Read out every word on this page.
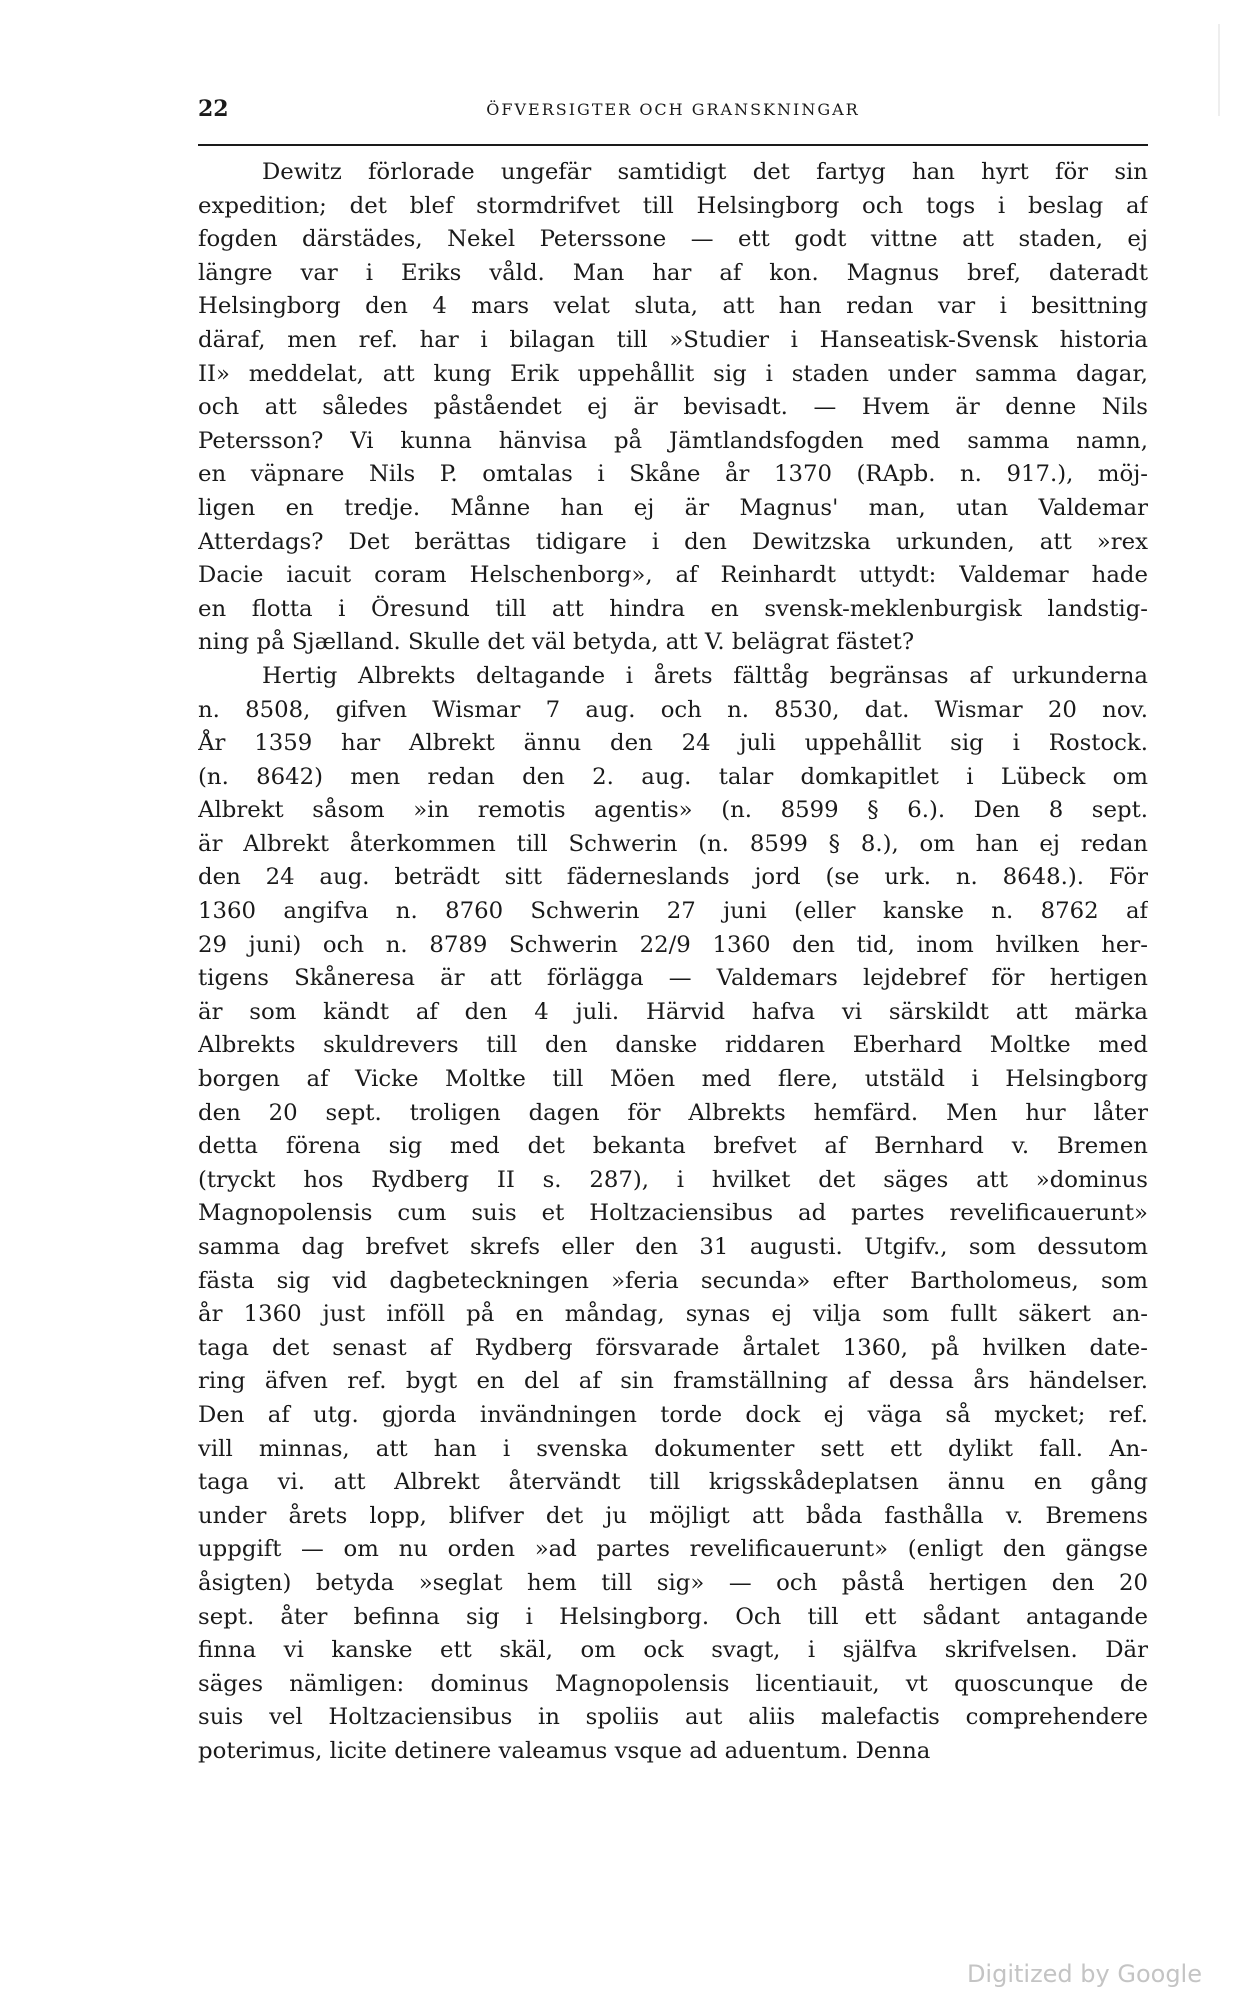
22	ÖFVERSIGTER OCH GRANSKNINGAR
Dewitz förlorade ungefär samtidigt det fartyg han hyrt för sin
expedition; det blef stormdrifvet till Helsingborg och togs i beslag af
fogden därstädes, Nekel Peterssone — ett godt vittne att staden, ej
längre var i Eriks våld. Man har af kon. Magnus bref, dateradt
Helsingborg den 4 mars velat sluta, att han redan var i besittning
däraf, men ref. har i bilagan till »Studier i Hanseatisk-Svensk historia
II» meddelat, att kung Erik uppehållit sig i staden under samma dagar,
och att således påståendet ej är bevisadt. — Hvem är denne Nils
Petersson? Vi kunna hänvisa på Jämtlandsfogden med samma namn,
en väpnare Nils P. omtalas i Skåne år 1370 (RApb. n. 917.), möj-
ligen en tredje. Månne han ej är Magnus' man, utan Valdemar
Atterdags? Det berättas tidigare i den Dewitzska urkunden, att »rex
Dacie iacuit coram Helschenborg», af Reinhardt uttydt: Valdemar hade
en flotta i Öresund till att hindra en svensk-meklenburgisk landstig-
ning på Sjælland. Skulle det väl betyda, att V. belägrat fästet?
Hertig Albrekts deltagande i årets fälttåg begränsas af urkunderna
n. 8508, gifven Wismar 7 aug. och n. 8530, dat. Wismar 20 nov.
År 1359 har Albrekt ännu den 24 juli uppehållit sig i Rostock.
(n. 8642) men redan den 2. aug. talar domkapitlet i Lübeck om
Albrekt såsom »in remotis agentis» (n. 8599 § 6.). Den 8 sept.
är Albrekt återkommen till Schwerin (n. 8599 § 8.), om han ej redan
den 24 aug. beträdt sitt fäderneslands jord (se urk. n. 8648.). För
1360 angifva n. 8760 Schwerin 27 juni (eller kanske n. 8762 af
29 juni) och n. 8789 Schwerin 22/9 1360 den tid, inom hvilken her-
tigens Skåneresa är att förlägga — Valdemars lejdebref för hertigen
är som kändt af den 4 juli. Härvid hafva vi särskildt att märka
Albrekts skuldrevers till den danske riddaren Eberhard Moltke med
borgen af Vicke Moltke till Möen med flere, utstäld i Helsingborg
den 20 sept. troligen dagen för Albrekts hemfärd. Men hur låter
detta förena sig med det bekanta brefvet af Bernhard v. Bremen
(tryckt hos Rydberg II s. 287), i hvilket det säges att »dominus
Magnopolensis cum suis et Holtzaciensibus ad partes revelificauerunt»
samma dag brefvet skrefs eller den 31 augusti. Utgifv., som dessutom
fästa sig vid dagbeteckningen »feria secunda» efter Bartholomeus, som
år 1360 just inföll på en måndag, synas ej vilja som fullt säkert an-
taga det senast af Rydberg försvarade årtalet 1360, på hvilken date-
ring äfven ref. bygt en del af sin framställning af dessa års händelser.
Den af utg. gjorda invändningen torde dock ej väga så mycket; ref.
vill minnas, att han i svenska dokumenter sett ett dylikt fall. An-
taga vi. att Albrekt återvändt till krigsskådeplatsen ännu en gång
under årets lopp, blifver det ju möjligt att båda fasthålla v. Bremens
uppgift — om nu orden »ad partes revelificauerunt» (enligt den gängse
åsigten) betyda »seglat hem till sig» — och påstå hertigen den 20
sept. åter befinna sig i Helsingborg. Och till ett sådant antagande
finna vi kanske ett skäl, om ock svagt, i själfva skrifvelsen. Där
säges nämligen: dominus Magnopolensis licentiauit, vt quoscunque de
suis vel Holtzaciensibus in spoliis aut aliis malefactis comprehendere
poterimus, licite detinere valeamus vsque ad aduentum. Denna
Digitized by Google
